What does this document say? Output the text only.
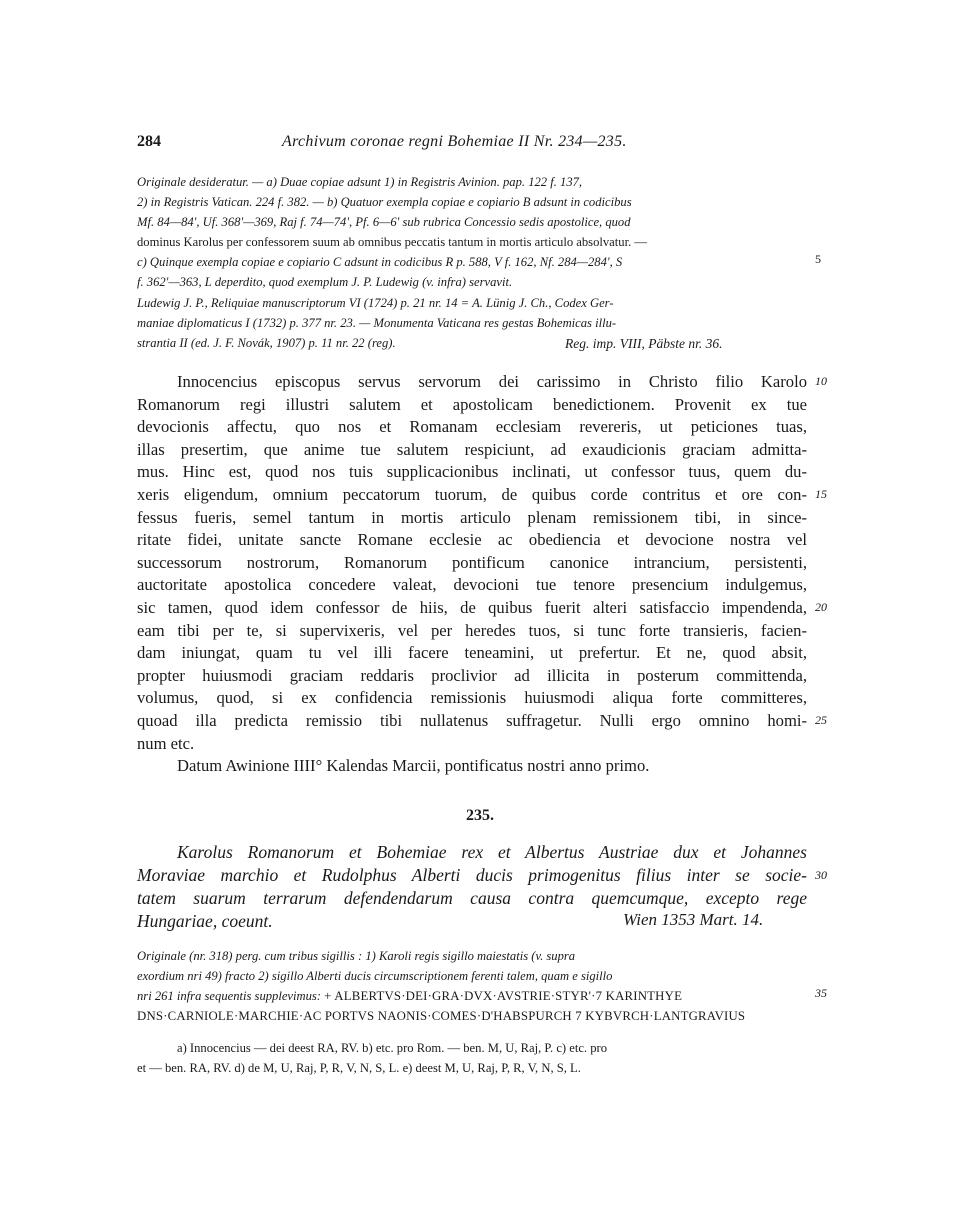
284	Archivum coronae regni Bohemiae II Nr. 234—235.
Originale desideratur. — a) Duae copiae adsunt 1) in Registris Avinion. pap. 122 f. 137,
2) in Registris Vatican. 224 f. 382. — b) Quatuor exempla copiae e copiario B adsunt in codicibus
Mf. 84—84', Uf. 368'—369, Raj f. 74—74', Pf. 6—6' sub rubrica Concessio sedis apostolice, quod
dominus Karolus per confessorem suum ab omnibus peccatis tantum in mortis articulo absolvatur. —
c) Quinque exempla copiae e copiario C adsunt in codicibus R p. 588, V f. 162, Nf. 284—284', S
f. 362'—363, L deperdito, quod exemplum J. P. Ludewig (v. infra) servavit.
5
Ludewig J. P., Reliquiae manuscriptorum VI (1724) p. 21 nr. 14 = A. Lünig J. Ch., Codex Ger-
maniae diplomaticus I (1732) p. 377 nr. 23. — Monumenta Vaticana res gestas Bohemicas illu-
strantia II (ed. J. F. Novák, 1907) p. 11 nr. 22 (reg).	Reg. imp. VIII, Päbste nr. 36.
Innocencius episcopus servus servorum dei carissimo in Christo filio Karolo
Romanorum regi illustri salutem et apostolicam benedictionem. Provenit ex tue
devocionis affectu, quo nos et Romanam ecclesiam revereris, ut peticiones tuas,
illas presertim, que anime tue salutem respiciunt, ad exaudicionis graciam admitta-
mus. Hinc est, quod nos tuis supplicacionibus inclinati, ut confessor tuus, quem du-
xeris eligendum, omnium peccatorum tuorum, de quibus corde contritus et ore con-
fessus fueris, semel tantum in mortis articulo plenam remissionem tibi, in since-
ritate fidei, unitate sancte Romane ecclesie ac obediencia et devocione nostra vel
successorum nostrorum, Romanorum pontificum canonice intrancium, persistenti,
auctoritate apostolica concedere valeat, devocioni tue tenore presencium indulgemus,
sic tamen, quod idem confessor de hiis, de quibus fuerit alteri satisfaccio impendenda,
eam tibi per te, si supervixeris, vel per heredes tuos, si tunc forte transieris, facien-
dam iniungat, quam tu vel illi facere teneamini, ut prefertur. Et ne, quod absit,
propter huiusmodi graciam reddaris proclivior ad illicita in posterum committenda,
volumus, quod, si ex confidencia remissionis huiusmodi aliqua forte committeres,
quoad illa predicta remissio tibi nullatenus suffragetur. Nulli ergo omnino homi-
num etc.
Datum Awinione IIII° Kalendas Marcii, pontificatus nostri anno primo.
10
15
20
25
235.
Karolus Romanorum et Bohemiae rex et Albertus Austriae dux et Johannes
Moraviae marchio et Rudolphus Alberti ducis primogenitus filius inter se socie-
tatem suarum terrarum defendendarum causa contra quemcumque, excepto rege
Hungariae, coeunt.	Wien 1353 Mart. 14.
30
Originale (nr. 318) perg. cum tribus sigillis : 1) Karoli regis sigillo maiestatis (v. supra
exordium nri 49) fracto 2) sigillo Alberti ducis circumscriptionem ferenti talem, quam e sigillo
nri 261 infra sequentis supplevimus: + ALBERTVS·DEI·GRA·DVX·AVSTRIE·STYR'·7 KARINTHYE
DNS·CARNIOLE·MARCHIE·AC PORTVS NAONIS·COMES·D'HABSPURCH 7 KYBVRCH·LANTGRAVIUS
35
a) Innocencius — dei deest RA, RV. b) etc. pro Rom. — ben. M, U, Raj, P. c) etc. pro
et — ben. RA, RV. d) de M, U, Raj, P, R, V, N, S, L. e) deest M, U, Raj, P, R, V, N, S, L.
